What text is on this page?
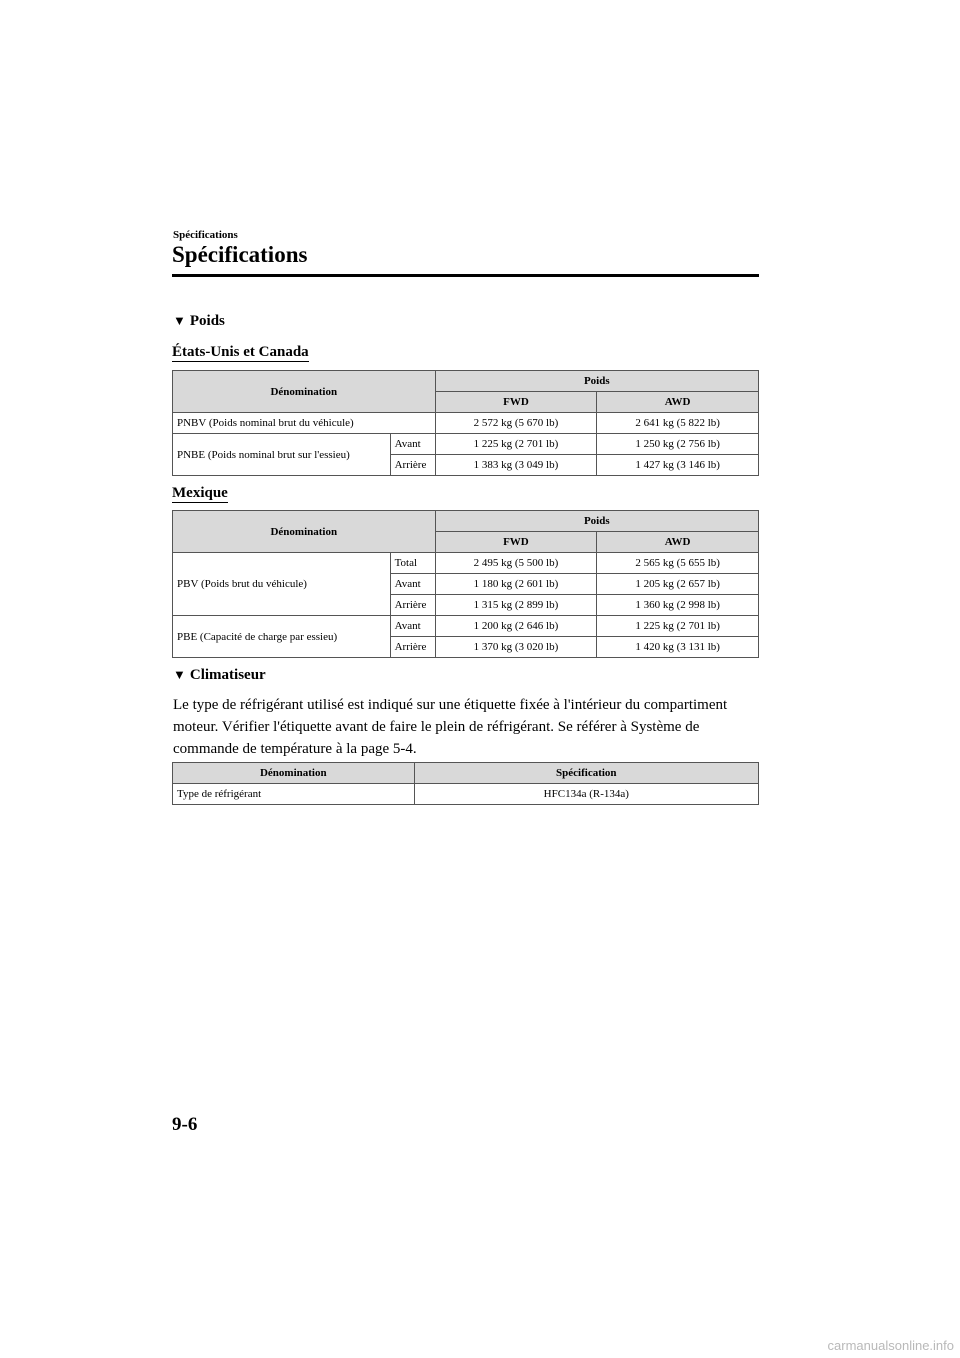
Spécifications
Spécifications
▼ Poids
États-Unis et Canada
Dénomination		Poids	
		FWD	AWD
PNBV (Poids nominal brut du véhicule)		2 572 kg (5 670 lb)	2 641 kg (5 822 lb)
PNBE (Poids nominal brut sur l'essieu)	Avant	1 225 kg (2 701 lb)	1 250 kg (2 756 lb)
	Arrière	1 383 kg (3 049 lb)	1 427 kg (3 146 lb)
Mexique
Dénomination		Poids	
		FWD	AWD
PBV (Poids brut du véhicule)	Total	2 495 kg (5 500 lb)	2 565 kg (5 655 lb)
	Avant	1 180 kg (2 601 lb)	1 205 kg (2 657 lb)
	Arrière	1 315 kg (2 899 lb)	1 360 kg (2 998 lb)
PBE (Capacité de charge par essieu)	Avant	1 200 kg (2 646 lb)	1 225 kg (2 701 lb)
	Arrière	1 370 kg (3 020 lb)	1 420 kg (3 131 lb)
▼ Climatiseur

Le type de réfrigérant utilisé est indiqué sur une étiquette fixée à l'intérieur du compartiment moteur. Vérifier l'étiquette avant de faire le plein de réfrigérant. Se référer à Système de commande de température à la page 5-4.

Dénomination	Spécification
Type de réfrigérant	HFC134a (R-134a)
9-6
carmanualsonline.info
